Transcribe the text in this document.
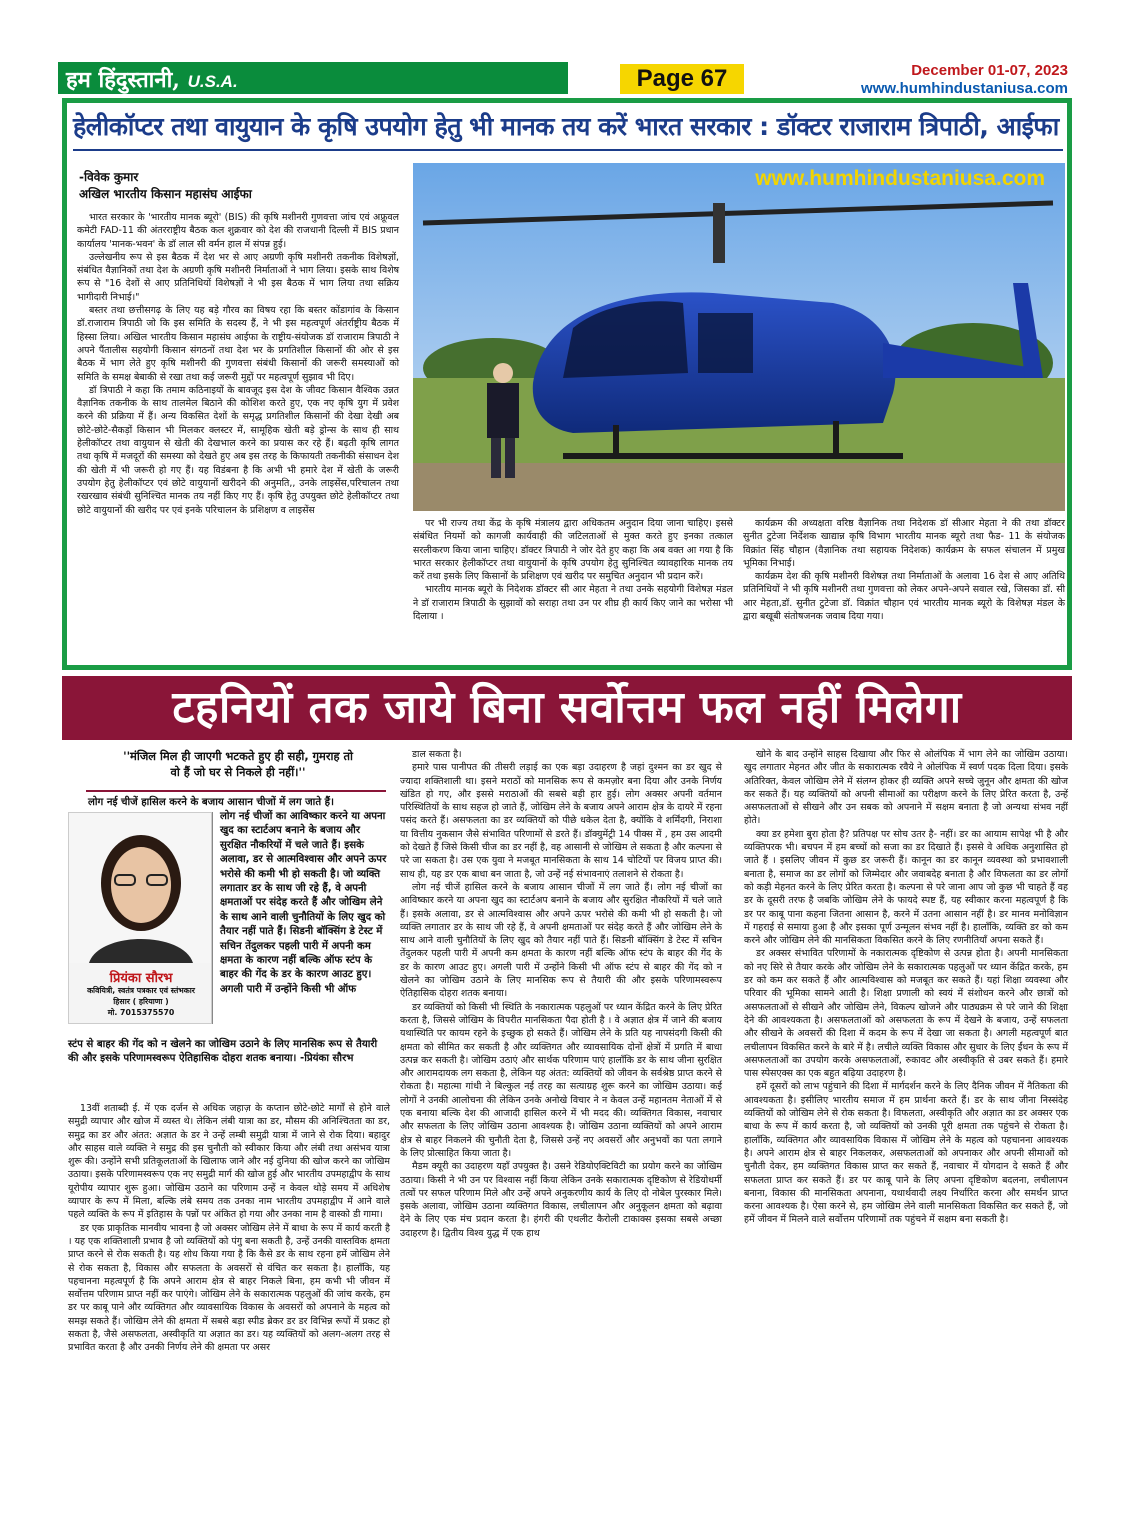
हम हिंदुस्तानी, U.S.A.	Page 67	December 01-07, 2023
www.humhindustaniusa.com
हेलीकॉप्टर तथा वायुयान के कृषि उपयोग हेतु भी मानक तय करें भारत सरकार : डॉक्टर राजाराम त्रिपाठी, आईफा
-विवेक कुमार
अखिल भारतीय किसान महासंघ आईफा

भारत सरकार के 'भारतीय मानक ब्यूरो' (BIS) की कृषि मशीनरी गुणवत्ता जांच एवं अफ्रूवल कमेटी FAD-11 की अंतरराष्ट्रीय बैठक कल शुक्रवार को देश की राजधानी दिल्ली में BIS प्रधान कार्यालय 'मानक-भवन' के डॉ लाल सी वर्मन हाल में संपन्न हुई।

उल्लेखनीय रूप से इस बैठक में देश भर से आए अग्रणी कृषि मशीनरी तकनीक विशेषज्ञों, संबंधित वैज्ञानिकों तथा देश के अग्रणी कृषि मशीनरी निर्माताओं ने भाग लिया। इसके साथ विशेष रूप से "16 देशों से आए प्रतिनिधियों विशेषज्ञों ने भी इस बैठक में भाग लिया तथा सक्रिय भागीदारी निभाई।"

बस्तर तथा छत्तीसगढ़ के लिए यह बड़े गौरव का विषय रहा कि बस्तर कोंडागांव के किसान डॉ.राजाराम त्रिपाठी जो कि इस समिति के सदस्य हैं, ने भी इस महत्वपूर्ण अंतर्राष्ट्रीय बैठक में हिस्सा लिया। अखिल भारतीय किसान महासंघ आईफा के राष्ट्रीय-संयोजक डॉ राजाराम त्रिपाठी ने अपने पैंतालीस सहयोगी किसान संगठनों तथा देश भर के प्रगतिशील किसानों की ओर से इस बैठक में भाग लेते हुए कृषि मशीनरी की गुणवत्ता संबंधी किसानों की जरूरी समस्याओं को समिति के समक्ष बेबाकी से रखा तथा कई जरूरी मुद्दों पर महत्वपूर्ण सुझाव भी दिए।

डॉ त्रिपाठी ने कहा कि तमाम कठिनाइयों के बावजूद इस देश के जीवट किसान वैश्विक उन्नत वैज्ञानिक तकनीक के साथ तालमेल बिठाने की कोशिश करते हुए, एक नए कृषि युग में प्रवेश करने की प्रक्रिया में हैं। अन्य विकसित देशों के समृद्ध प्रगतिशील किसानों की देखा देखी अब छोटे-छोटे-सैकड़ों किसान भी मिलकर क्लस्टर में, सामूहिक खेती बड़े ड्रोन्स के साथ ही साथ हेलीकॉप्टर तथा वायुयान से खेती की देखभाल करने का प्रयास कर रहे हैं। बढ़ती कृषि लागत तथा कृषि में मजदूरों की समस्या को देखते हुए अब इस तरह के किफायती तकनीकी संसाधन देश की खेती में भी जरूरी हो गए हैं। यह विडंबना है कि अभी भी हमारे देश में खेती के जरूरी उपयोग हेतु हेलीकॉप्टर एवं छोटे वायुयानों खरीदने की अनुमति,, उनके लाइसेंस,परिचालन तथा रखरखाव संबंधी सुनिश्चित मानक तय नहीं किए गए हैं। कृषि हेतु उपयुक्त छोटे हेलीकॉप्टर तथा छोटे वायुयानों की खरीद पर एवं इनके परिचालन के प्रशिक्षण व लाइसेंस

www.humhindustaniusa.com

पर भी राज्य तथा केंद्र के कृषि मंत्रालय द्वारा अधिकतम अनुदान दिया जाना चाहिए। इससे संबंधित नियमों को कागजी कार्यवाही की जटिलताओं से मुक्त करते हुए इनका तत्काल सरलीकरण किया जाना चाहिए। डॉक्टर त्रिपाठी ने जोर देते हुए कहा कि अब वक्त आ गया है कि भारत सरकार हेलीकॉप्टर तथा वायुयानों के कृषि उपयोग हेतु सुनिश्चित व्यावहारिक मानक तय करें तथा इसके लिए किसानों के प्रशिक्षण एवं खरीद पर समुचित अनुदान भी प्रदान करें।

भारतीय मानक ब्यूरो के निदेशक डॉक्टर सी आर मेहता ने तथा उनके सहयोगी विशेषज्ञ मंडल ने डॉ राजाराम त्रिपाठी के सुझावों को सराहा तथा उन पर शीघ्र ही कार्य किए जाने का भरोसा भी दिलाया ।

कार्यक्रम की अध्यक्षता वरिष्ठ वैज्ञानिक तथा निदेशक डॉ सीआर मेहता ने की तथा डॉक्टर सुनीत टुटेजा निर्देशक खाद्यान्न कृषि विभाग भारतीय मानक ब्यूरो तथा फैड- 11 के संयोजक विक्रांत सिंह चौहान (वैज्ञानिक तथा सहायक निदेशक) कार्यक्रम के सफल संचालन में प्रमुख भूमिका निभाई।

कार्यक्रम देश की कृषि मशीनरी विशेषज्ञ तथा निर्माताओं के अलावा 16 देश से आए अतिथि प्रतिनिधियों ने भी कृषि मशीनरी तथा गुणवत्ता को लेकर अपने-अपने सवाल रखे, जिसका डॉ. सी आर मेहता,डॉ. सुनीत टुटेजा डॉ. विक्रांत चौहान एवं भारतीय मानक ब्यूरो के विशेषज्ञ मंडल के द्वारा बखूबी संतोषजनक जवाब दिया गया।

टहनियों तक जाये बिना सर्वोत्तम फल नहीं मिलेगा
''मंजिल मिल ही जाएगी भटकते हुए ही सही, गुमराह तो वो हैं जो घर से निकले ही नहीं।''
लोग नई चीजें हासिल करने के बजाय आसान चीजों में लग जाते हैं।
प्रियंका सौरभ
कवियित्री, स्वतंत्र पत्रकार एवं स्तंभकार
हिसार ( हरियाणा )
मो. 7015375570
लोग नई चीजों का आविष्कार करने या अपना खुद का स्टार्टअप बनाने के बजाय और सुरक्षित नौकरियों में चले जाते हैं। इसके अलावा, डर से आत्मविश्वास और अपने ऊपर भरोसे की कमी भी हो सकती है। जो व्यक्ति लगातार डर के साथ जी रहे हैं, वे अपनी क्षमताओं पर संदेह करते हैं और जोखिम लेने के साथ आने वाली चुनौतियों के लिए खुद को तैयार नहीं पाते हैं। सिडनी बॉक्सिंग डे टेस्ट में सचिन तेंदुलकर पहली पारी में अपनी कम क्षमता के कारण नहीं बल्कि ऑफ स्टंप के बाहर की गेंद के डर के कारण आउट हुए। अगली पारी में उन्होंने किसी भी ऑफ
स्टंप से बाहर की गेंद को न खेलने का जोखिम उठाने के लिए मानसिक रूप से तैयारी की और इसके परिणामस्वरूप ऐतिहासिक दोहरा शतक बनाया। -प्रियंका सौरभ

13वीं शताब्दी ई. में एक दर्जन से अधिक जहाज़ के कप्तान छोटे-छोटे मार्गों से होने वाले समुद्री व्यापार और खोज में व्यस्त थे। लेकिन लंबी यात्रा का डर, मौसम की अनिश्चितता का डर, समुद्र का डर और अंतत: अज्ञात के डर ने उन्हें लम्बी समुद्री यात्रा में जाने से रोक दिया। बहादुर और साहस वाले व्यक्ति ने समुद्र की इस चुनौती को स्वीकार किया और लंबी तथा असंभव यात्रा शुरू की। उन्होंने सभी प्रतिकूलताओं के खिलाफ जाने और नई दुनिया की खोज करने का जोखिम उठाया। इसके परिणामस्वरूप एक नए समुद्री मार्ग की खोज हुई और भारतीय उपमहाद्वीप के साथ यूरोपीय व्यापार शुरू हुआ। जोखिम उठाने का परिणाम उन्हें न केवल थोड़े समय में अधिशेष व्यापार के रूप में मिला, बल्कि लंबे समय तक उनका नाम भारतीय उपमहाद्वीप में आने वाले पहले व्यक्ति के रूप में इतिहास के पन्नों पर अंकित हो गया और उनका नाम है वास्को डी गामा।

डर एक प्राकृतिक मानवीय भावना है जो अक्सर जोखिम लेने में बाधा के रूप में कार्य करती है । यह एक शक्तिशाली प्रभाव है जो व्यक्तियों को पंगु बना सकती है, उन्हें उनकी वास्तविक क्षमता प्राप्त करने से रोक सकती है। यह शोध किया गया है कि कैसे डर के साथ रहना हमें जोखिम लेने से रोक सकता है, विकास और सफलता के अवसरों से वंचित कर सकता है। हालाँकि, यह पहचानना महत्वपूर्ण है कि अपने आराम क्षेत्र से बाहर निकले बिना, हम कभी भी जीवन में सर्वोत्तम परिणाम प्राप्त नहीं कर पाएंगे। जोखिम लेने के सकारात्मक पहलुओं की जांच करके, हम डर पर काबू पाने और व्यक्तिगत और व्यावसायिक विकास के अवसरों को अपनाने के महत्व को समझ सकते हैं। जोखिम लेने की क्षमता में सबसे बड़ा स्पीड ब्रेकर डर डर विभिन्न रूपों में प्रकट हो सकता है, जैसे असफलता, अस्वीकृति या अज्ञात का डर। यह व्यक्तियों को अलग-अलग तरह से प्रभावित करता है और उनकी निर्णय लेने की क्षमता पर असर

डाल सकता है।

हमारे पास पानीपत की तीसरी लड़ाई का एक बड़ा उदाहरण है जहां दुश्मन का डर खुद से ज्यादा शक्तिशाली था। इसने मराठों को मानसिक रूप से कमज़ोर बना दिया और उनके निर्णय खंडित हो गए, और इससे मराठाओं की सबसे बड़ी हार हुई। लोग अक्सर अपनी वर्तमान परिस्थितियों के साथ सहज हो जाते हैं, जोखिम लेने के बजाय अपने आराम क्षेत्र के दायरे में रहना पसंद करते हैं। असफलता का डर व्यक्तियों को पीछे धकेल देता है, क्योंकि वे शर्मिंदगी, निराशा या वित्तीय नुकसान जैसे संभावित परिणामों से डरते हैं। डॉक्युमेंट्री 14 पीक्स में , हम उस आदमी को देखते हैं जिसे किसी चीज का डर नहीं है, वह आसानी से जोखिम ले सकता है और कल्पना से परे जा सकता है। उस एक युवा ने मजबूत मानसिकता के साथ 14 चोटियों पर विजय प्राप्त की। साथ ही, यह डर एक बाधा बन जाता है, जो उन्हें नई संभावनाएं तलाशने से रोकता है।

लोग नई चीजें हासिल करने के बजाय आसान चीजों में लग जाते हैं। लोग नई चीजों का आविष्कार करने या अपना खुद का स्टार्टअप बनाने के बजाय और सुरक्षित नौकरियों में चले जाते हैं। इसके अलावा, डर से आत्मविश्वास और अपने ऊपर भरोसे की कमी भी हो सकती है। जो व्यक्ति लगातार डर के साथ जी रहे हैं, वे अपनी क्षमताओं पर संदेह करते हैं और जोखिम लेने के साथ आने वाली चुनौतियों के लिए खुद को तैयार नहीं पाते हैं। सिडनी बॉक्सिंग डे टेस्ट में सचिन तेंदुलकर पहली पारी में अपनी कम क्षमता के कारण नहीं बल्कि ऑफ स्टंप के बाहर की गेंद के डर के कारण आउट हुए। अगली पारी में उन्होंने किसी भी ऑफ स्टंप से बाहर की गेंद को न खेलने का जोखिम उठाने के लिए मानसिक रूप से तैयारी की और इसके परिणामस्वरूप ऐतिहासिक दोहरा शतक बनाया।

डर व्यक्तियों को किसी भी स्थिति के नकारात्मक पहलुओं पर ध्यान केंद्रित करने के लिए प्रेरित करता है, जिससे जोखिम के विपरीत मानसिकता पैदा होती है । वे अज्ञात क्षेत्र में जाने की बजाय यथास्थिति पर कायम रहने के इच्छुक हो सकते हैं। जोखिम लेने के प्रति यह नापसंदगी किसी की क्षमता को सीमित कर सकती है और व्यक्तिगत और व्यावसायिक दोनों क्षेत्रों में प्रगति में बाधा उत्पन्न कर सकती है। जोखिम उठाएं और सार्थक परिणाम पाएं हालाँकि डर के साथ जीना सुरक्षित और आरामदायक लग सकता है, लेकिन यह अंतत: व्यक्तियों को जीवन के सर्वश्रेष्ठ प्राप्त करने से रोकता है। महात्मा गांधी ने बिल्कुल नई तरह का सत्याग्रह शुरू करने का जोखिम उठाया। कई लोगों ने उनकी आलोचना की लेकिन उनके अनोखे विचार ने न केवल उन्हें महानतम नेताओं में से एक बनाया बल्कि देश की आजादी हासिल करने में भी मदद की। व्यक्तिगत विकास, नवाचार और सफलता के लिए जोखिम उठाना आवश्यक है। जोखिम उठाना व्यक्तियों को अपने आराम क्षेत्र से बाहर निकलने की चुनौती देता है, जिससे उन्हें नए अवसरों और अनुभवों का पता लगाने के लिए प्रोत्साहित किया जाता है।

मैडम क्यूरी का उदाहरण यहाँ उपयुक्त है। उसने रेडियोएक्टिविटी का प्रयोग करने का जोखिम उठाया। किसी ने भी उन पर विश्वास नहीं किया लेकिन उनके सकारात्मक दृष्टिकोण से रेडियोधर्मी तत्वों पर सफल परिणाम मिले और उन्हें अपने अनुकरणीय कार्य के लिए दो नोबेल पुरस्कार मिले। इसके अलावा, जोखिम उठाना व्यक्तिगत विकास, लचीलापन और अनुकूलन क्षमता को बढ़ावा देने के लिए एक मंच प्रदान करता है। हंगरी की एथलीट कैरोली टाकाक्स इसका सबसे अच्छा उदाहरण है। द्वितीय विश्व युद्ध में एक हाथ

खोने के बाद उन्होंने साहस दिखाया और फिर से ओलंपिक में भाग लेने का जोखिम उठाया। खुद लगातार मेहनत और जीत के सकारात्मक रवैये ने ओलंपिक में स्वर्ण पदक दिला दिया। इसके अतिरिक्त, केवल जोखिम लेने में संलग्न होकर ही व्यक्ति अपने सच्चे जुनून और क्षमता की खोज कर सकते हैं। यह व्यक्तियों को अपनी सीमाओं का परीक्षण करने के लिए प्रेरित करता है, उन्हें असफलताओं से सीखने और उन सबक को अपनाने में सक्षम बनाता है जो अन्यथा संभव नहीं होते।

क्या डर हमेशा बुरा होता है? प्रतिपक्ष पर सोच उतर है- नहीं। डर का आयाम सापेक्ष भी है और व्यक्तिपरक भी। बचपन में हम बच्चों को सजा का डर दिखाते हैं। इससे वे अधिक अनुशासित हो जाते हैं । इसलिए जीवन में कुछ डर जरूरी हैं। कानून का डर कानून व्यवस्था को प्रभावशाली बनाता है, समाज का डर लोगों को जिम्मेदार और जवाबदेह बनाता है और विफलता का डर लोगों को कड़ी मेहनत करने के लिए प्रेरित करता है। कल्पना से परे जाना आप जो कुछ भी चाहते हैं वह डर के दूसरी तरफ है जबकि जोखिम लेने के फायदे स्पष्ट हैं, यह स्वीकार करना महत्वपूर्ण है कि डर पर काबू पाना कहना जितना आसान है, करने में उतना आसान नहीं है। डर मानव मनोविज्ञान में गहराई से समाया हुआ है और इसका पूर्ण उन्मूलन संभव नहीं है। हालाँकि, व्यक्ति डर को कम करने और जोखिम लेने की मानसिकता विकसित करने के लिए रणनीतियाँ अपना सकते हैं।

डर अक्सर संभावित परिणामों के नकारात्मक दृष्टिकोण से उत्पन्न होता है। अपनी मानसिकता को नए सिरे से तैयार करके और जोखिम लेने के सकारात्मक पहलुओं पर ध्यान केंद्रित करके, हम डर को कम कर सकते हैं और आत्मविश्वास को मजबूत कर सकते हैं। यहां शिक्षा व्यवस्था और परिवार की भूमिका सामने आती है। शिक्षा प्रणाली को स्वयं में संशोधन करने और छात्रों को असफलताओं से सीखने और जोखिम लेने, विकल्प खोजने और पाठ्यक्रम से परे जाने की शिक्षा देने की आवश्यकता है। असफलताओं को असफलता के रूप में देखने के बजाय, उन्हें सफलता और सीखने के अवसरों की दिशा में कदम के रूप में देखा जा सकता है। अगली महत्वपूर्ण बात लचीलापन विकसित करने के बारे में है। लचीले व्यक्ति विकास और सुधार के लिए ईंधन के रूप में असफलताओं का उपयोग करके असफलताओं, रुकावट और अस्वीकृति से उबर सकते हैं। हमारे पास स्पेसएक्स का एक बहुत बढ़िया उदाहरण है।

हमें दूसरों को लाभ पहुंचाने की दिशा में मार्गदर्शन करने के लिए दैनिक जीवन में नैतिकता की आवश्यकता है। इसीलिए भारतीय समाज में हम प्रार्थना करते हैं। डर के साथ जीना निस्संदेह व्यक्तियों को जोखिम लेने से रोक सकता है। विफलता, अस्वीकृति और अज्ञात का डर अक्सर एक बाधा के रूप में कार्य करता है, जो व्यक्तियों को उनकी पूरी क्षमता तक पहुंचने से रोकता है। हालाँकि, व्यक्तिगत और व्यावसायिक विकास में जोखिम लेने के महत्व को पहचानना आवश्यक है। अपने आराम क्षेत्र से बाहर निकलकर, असफलताओं को अपनाकर और अपनी सीमाओं को चुनौती देकर, हम व्यक्तिगत विकास प्राप्त कर सकते हैं, नवाचार में योगदान दे सकते हैं और सफलता प्राप्त कर सकते हैं। डर पर काबू पाने के लिए अपना दृष्टिकोण बदलना, लचीलापन बनाना, विकास की मानसिकता अपनाना, यथार्थवादी लक्ष्य निर्धारित करना और समर्थन प्राप्त करना आवश्यक है। ऐसा करने से, हम जोखिम लेने वाली मानसिकता विकसित कर सकते हैं, जो हमें जीवन में मिलने वाले सर्वोत्तम परिणामों तक पहुंचने में सक्षम बना सकती है।
